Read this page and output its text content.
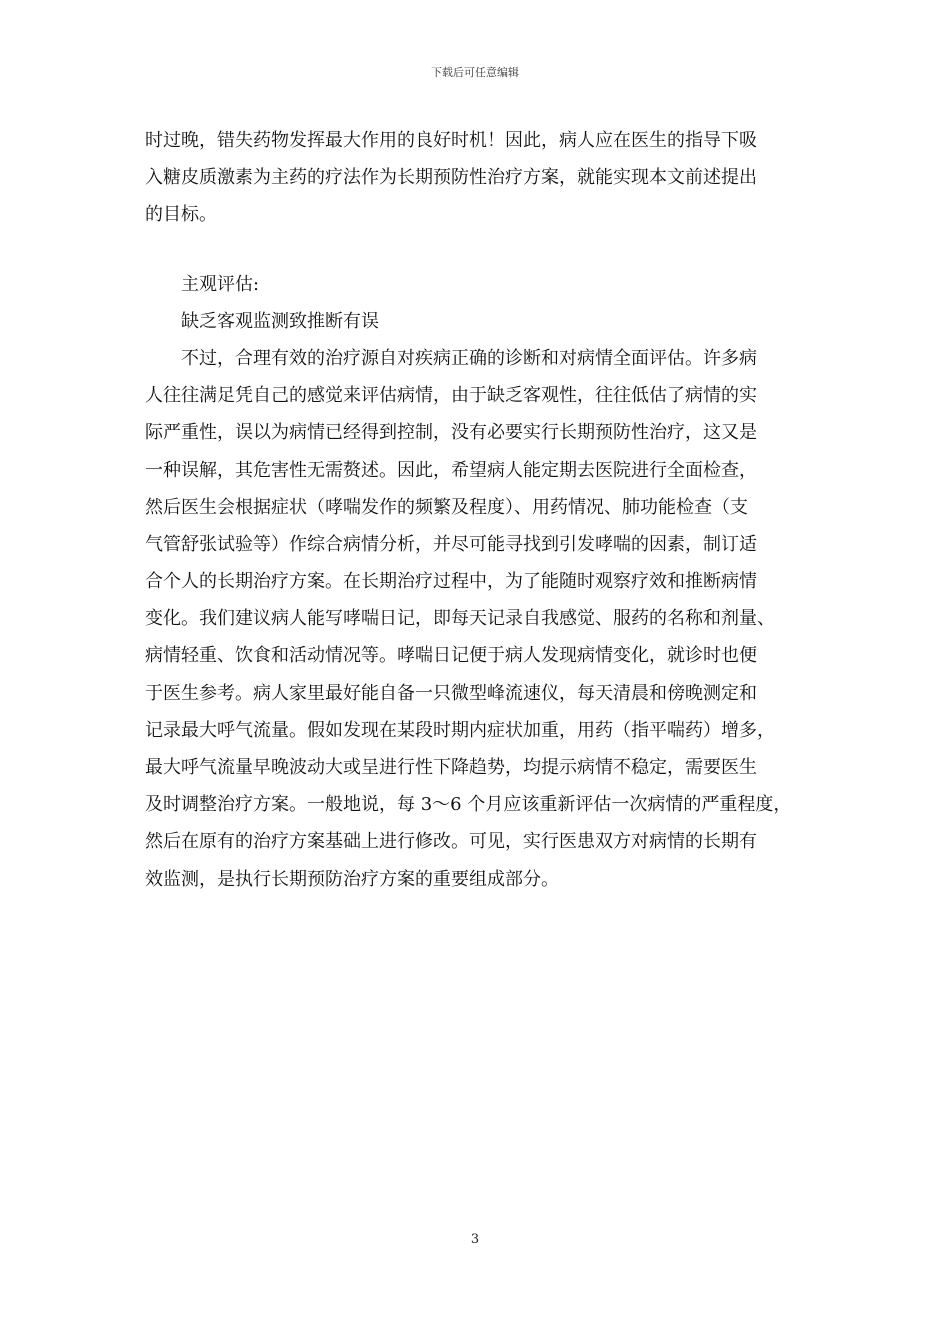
下载后可任意编辑
时过晚，错失药物发挥最大作用的良好时机！因此，病人应在医生的指导下吸
入糖皮质激素为主药的疗法作为长期预防性治疗方案，就能实现本文前述提出
的目标。
主观评估:
缺乏客观监测致推断有误
不过，合理有效的治疗源自对疾病正确的诊断和对病情全面评估。许多病
人往往满足凭自己的感觉来评估病情，由于缺乏客观性，往往低估了病情的实
际严重性，误以为病情已经得到控制，没有必要实行长期预防性治疗，这又是
一种误解，其危害性无需赘述。因此，希望病人能定期去医院进行全面检查，
然后医生会根据症状（哮喘发作的频繁及程度）、用药情况、肺功能检查（支
气管舒张试验等）作综合病情分析，并尽可能寻找到引发哮喘的因素，制订适
合个人的长期治疗方案。在长期治疗过程中，为了能随时观察疗效和推断病情
变化。我们建议病人能写哮喘日记，即每天记录自我感觉、服药的名称和剂量、
病情轻重、饮食和活动情况等。哮喘日记便于病人发现病情变化，就诊时也便
于医生参考。病人家里最好能自备一只微型峰流速仪，每天清晨和傍晚测定和
记录最大呼气流量。假如发现在某段时期内症状加重，用药（指平喘药）增多，
最大呼气流量早晚波动大或呈进行性下降趋势，均提示病情不稳定，需要医生
及时调整治疗方案。一般地说，每 3～6 个月应该重新评估一次病情的严重程度，
然后在原有的治疗方案基础上进行修改。可见，实行医患双方对病情的长期有
效监测，是执行长期预防治疗方案的重要组成部分。
3
